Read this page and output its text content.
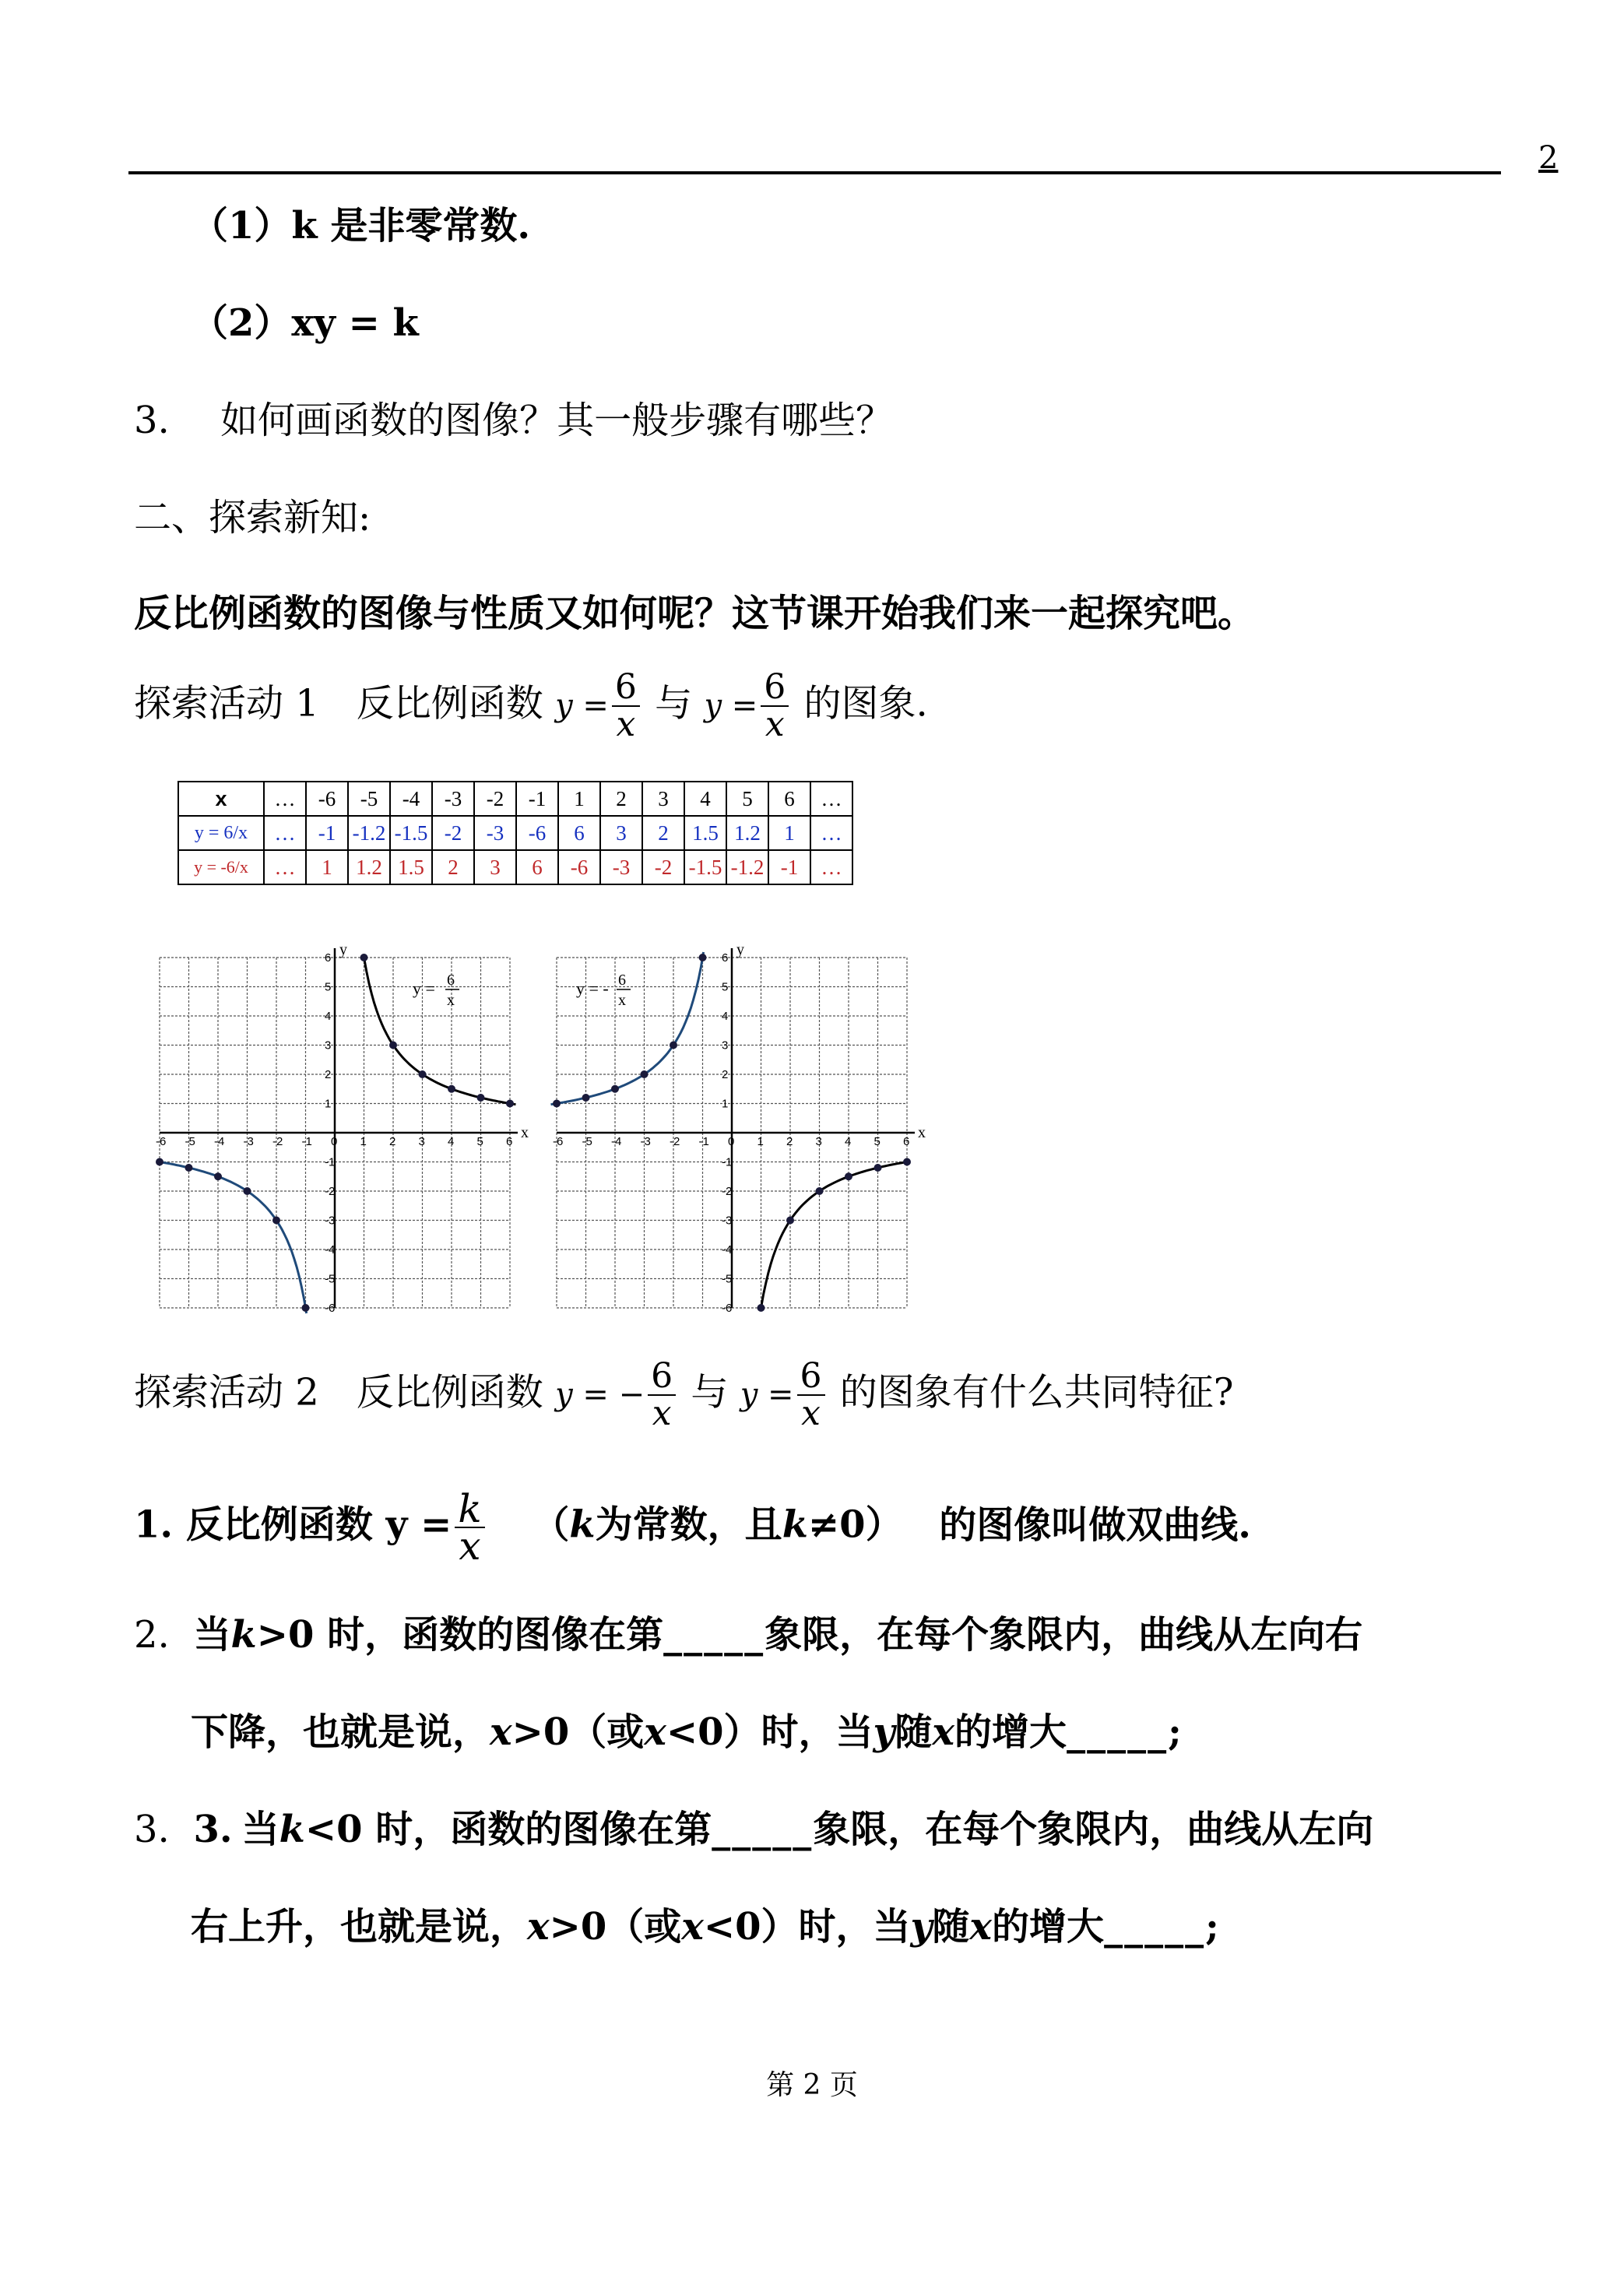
2
（1）k 是非零常数.
（2）xy = k
3. 如何画函数的图像？其一般步骤有哪些？
二、探索新知:
反比例函数的图像与性质又如何呢？这节课开始我们来一起探究吧。
探索活动 1　反比例函数 $y = \frac{6}{x}$ 与 $y = \frac{6}{x}$ 的图象.
x	…	-6	-5	-4	-3	-2	-1	1	2	3	4	5	6	…
y = 6/x	…	-1	-1.2	-1.5	-2	-3	-6	6	3	2	1.5	1.2	1	…
y = -6/x	…	1	1.2	1.5	2	3	6	-6	-3	-2	-1.5	-1.2	-1	…
x
y
-6 -5 -4 -3 -2 -1 0 1 2 3 4 5 6
6
5
4
3
2
1
-1
-2
-3
-4
-5
-6
y = 6
x
x
y
-6 -5 -4 -3 -2 -1 0 1 2 3 4 5 6
6
5
4
3
2
1
-1
-2
-3
-4
-5
-6
y = - 6
x
探索活动 2　反比例函数 y = − $\frac{6}{x}$ 与 $y = \frac{6}{x}$ 的图象有什么共同特征?
1. 反比例函数 $y = \frac{k}{x} (k$为常数，且k≠0） 的图像叫做双曲线.
2. 当k>0 时，函数的图像在第_____象限，在每个象限内，曲线从左向右
下降，也就是说，x>0（或x<0）时，当y随x的增大_____;
3. 3. 当k<0 时，函数的图像在第_____象限，在每个象限内，曲线从左向
右上升，也就是说，x>0（或x<0）时，当y随x的增大_____;
第 2 页
